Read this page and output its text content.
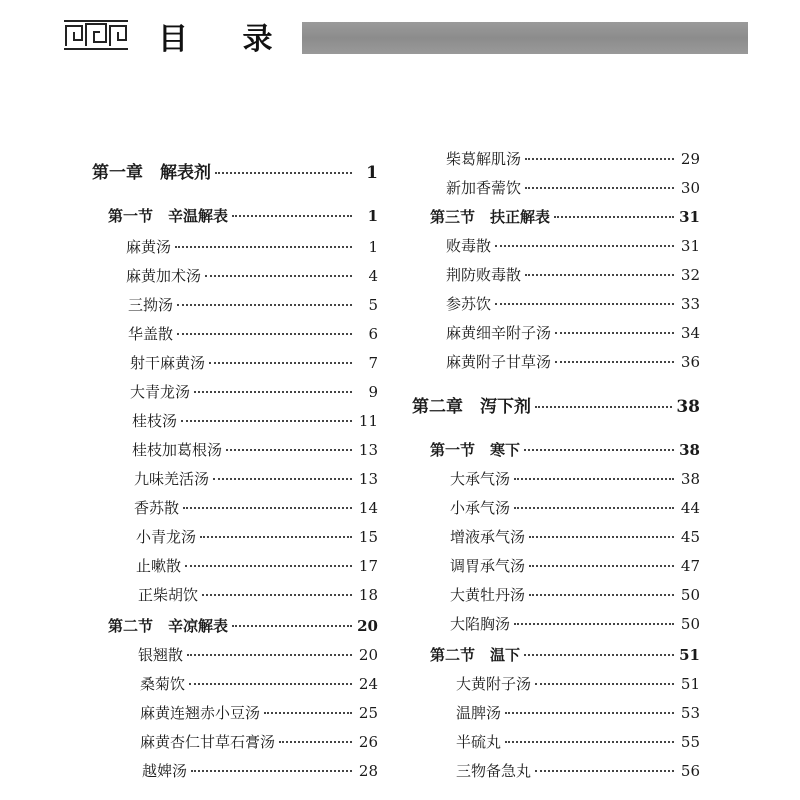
目 录
第一章　解表剂	1
第一节　辛温解表	1
麻黄汤	1
麻黄加术汤	4
三拗汤	5
华盖散	6
射干麻黄汤	7
大青龙汤	9
桂枝汤	11
桂枝加葛根汤	13
九味羌活汤	13
香苏散	14
小青龙汤	15
止嗽散	17
正柴胡饮	18
第二节　辛凉解表	20
银翘散	20
桑菊饮	24
麻黄连翘赤小豆汤	25
麻黄杏仁甘草石膏汤	26
越婢汤	28
柴葛解肌汤	29
新加香薷饮	30
第三节　扶正解表	31
败毒散	31
荆防败毒散	32
参苏饮	33
麻黄细辛附子汤	34
麻黄附子甘草汤	36
第二章　泻下剂	38
第一节　寒下	38
大承气汤	38
小承气汤	44
增液承气汤	45
调胃承气汤	47
大黄牡丹汤	50
大陷胸汤	50
第二节　温下	51
大黄附子汤	51
温脾汤	53
半硫丸	55
三物备急丸	56
